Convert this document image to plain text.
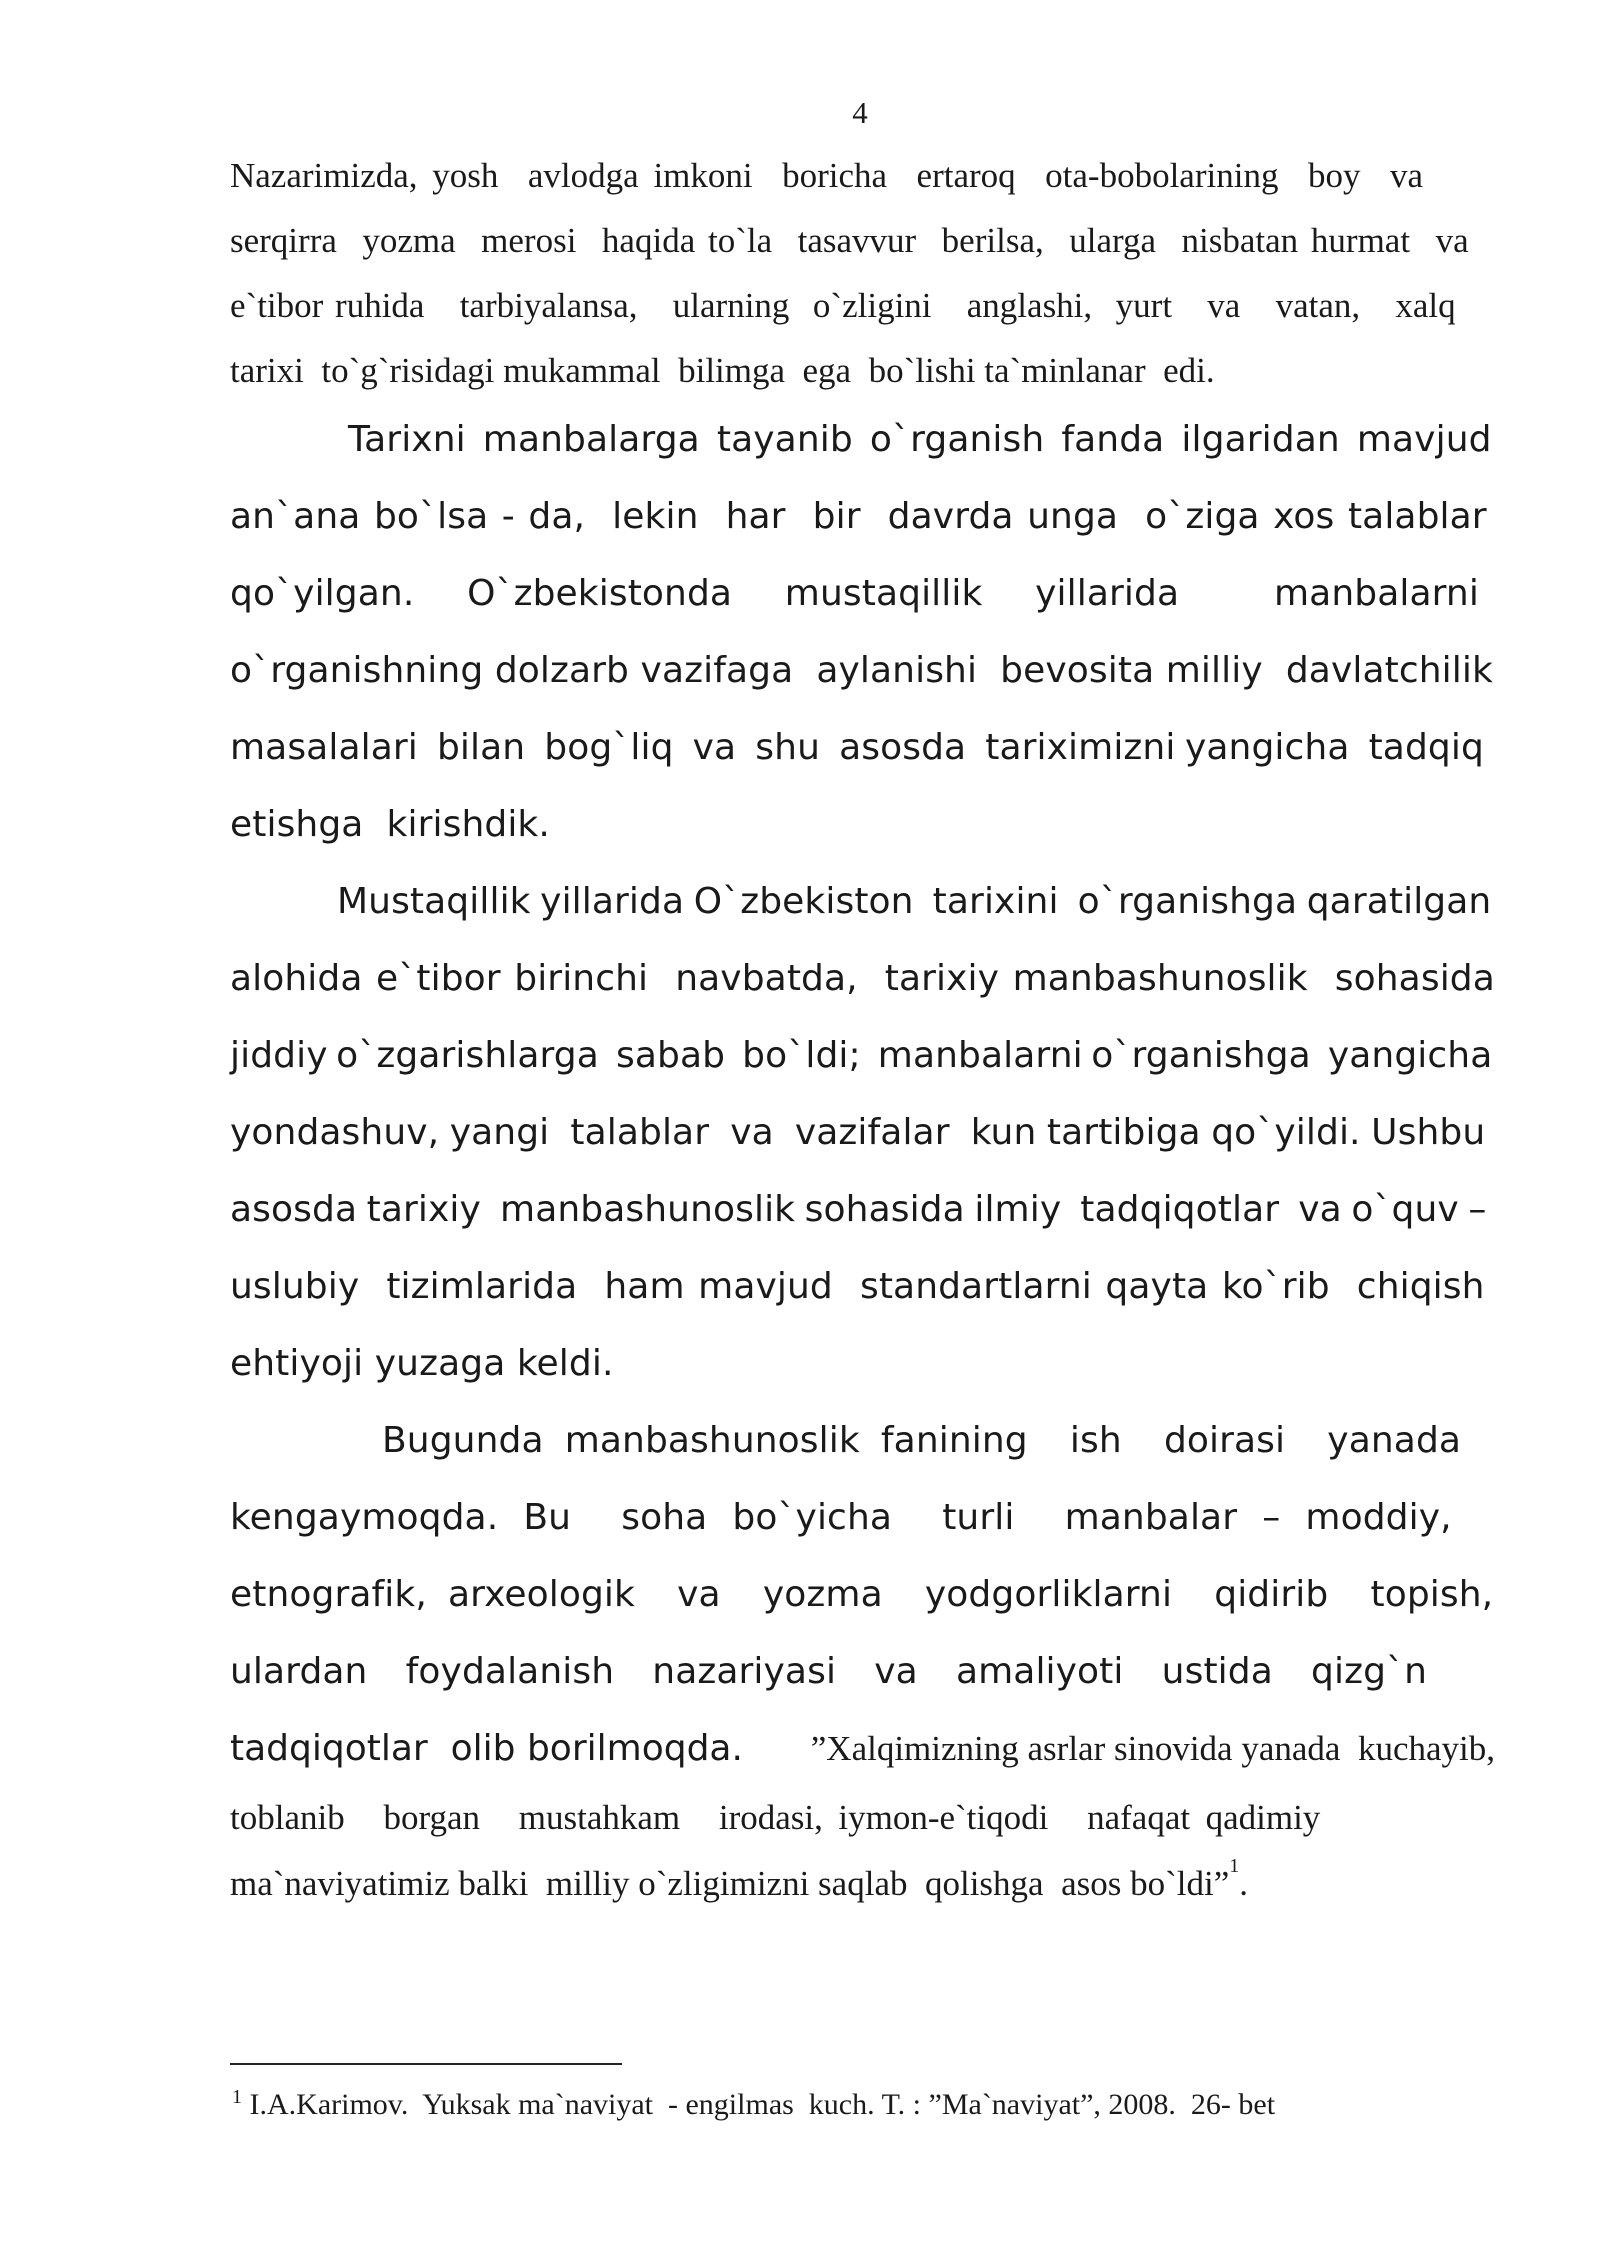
4
Nazarimizda, yosh  avlodga imkoni  boricha  ertaroq  ota-bobolarining  boy  va
serqirra  yozma  merosi  haqida to`la  tasavvur  berilsa,  ularga  nisbatan hurmat  va
e`tibor ruhida   tarbiyalansa,   ularning  o`zligini   anglashi,  yurt   va   vatan,   xalq
tarixi  to`g`risidagi mukammal  bilimga  ega  bo`lishi ta`minlanar  edi.
Tarixni  manbalarga  tayanib  o`rganish  fanda  ilgaridan  mavjud
an`ana bo`lsa - da,  lekin  har  bir  davrda unga  o`ziga xos talablar
qo`yilgan.     O`zbekistonda     mustaqillik     yillarida         manbalarni
o`rganishning dolzarb vazifaga  aylanishi  bevosita milliy  davlatchilik
masalalari  bilan  bog`liq  va  shu  asosda  tariximizni yangicha  tadqiq
etishga  kirishdik.
Mustaqillik yillarida O`zbekiston  tarixini  o`rganishga qaratilgan
alohida e`tibor birinchi  navbatda,  tarixiy manbashunoslik  sohasida
jiddiy o`zgarishlarga  sabab  bo`ldi;  manbalarni o`rganishga  yangicha
yondashuv, yangi  talablar  va  vazifalar  kun tartibiga qo`yildi. Ushbu
asosda tarixiy  manbashunoslik sohasida ilmiy  tadqiqotlar  va o`quv –
uslubiy  tizimlarida  ham mavjud  standartlarni qayta ko`rib  chiqish
ehtiyoji yuzaga keldi.
Bugunda  manbashunoslik  fanining    ish    doirasi    yanada
kengaymoqda.  Bu    soha  bo`yicha    turli    manbalar  –  moddiy,
etnografik,  arxeologik    va    yozma    yodgorliklarni    qidirib    topish,
ulardan    foydalanish    nazariyasi    va    amaliyoti    ustida    qizg`n
tadqiqotlar  olib borilmoqda. ”Xalqimizning asrlar sinovida yanada  kuchayib,
toblanib     borgan     mustahkam     irodasi,  iymon-e`tiqodi     nafaqat  qadimiy
ma`naviyatimiz balki  milliy o`zligimizni saqlab  qolishga  asos bo`ldi” 1 .
$^1$ I.A.Karimov.  Yuksak ma`naviyat  - engilmas  kuch. T. : ”Ma`naviyat”, 2008.  26- bet
